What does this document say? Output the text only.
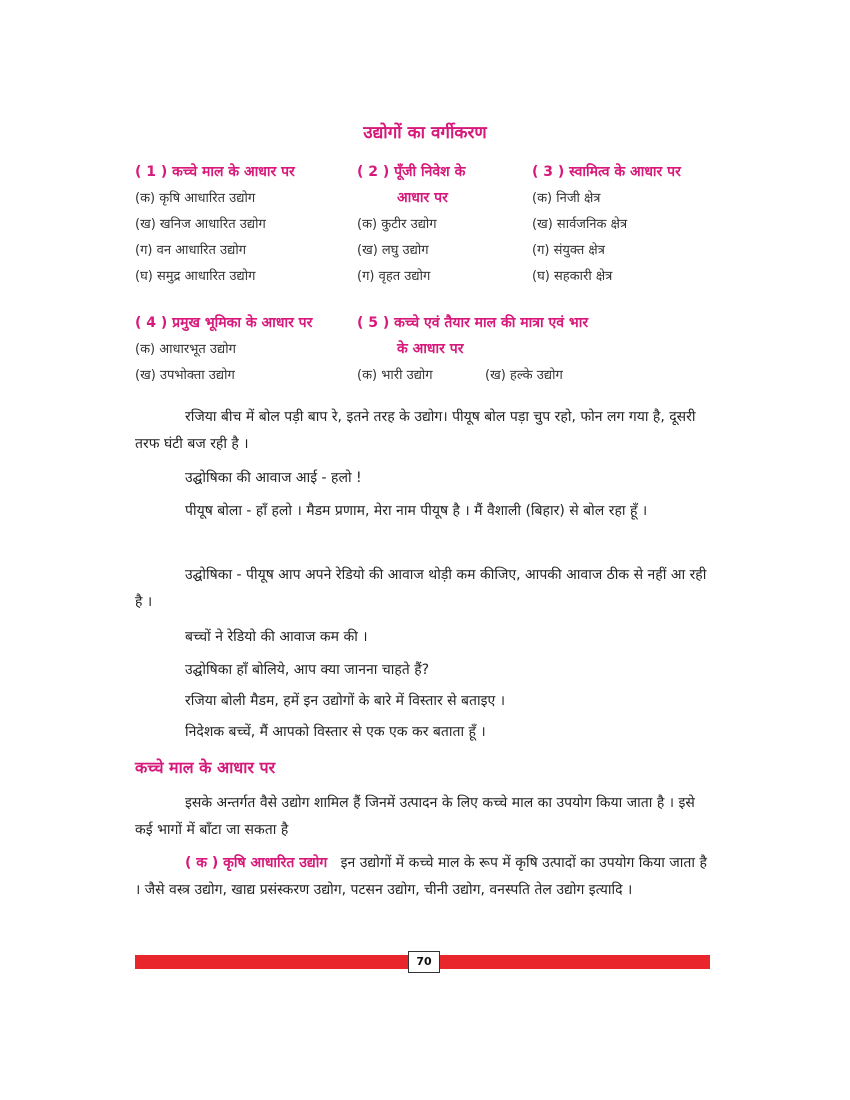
उद्योगों का वर्गीकरण
( 1 ) कच्चे माल के आधार पर
(क) कृषि आधारित उद्योग
(ख) खनिज आधारित उद्योग
(ग) वन आधारित उद्योग
(घ) समुद्र आधारित उद्योग
( 2 ) पूँजी निवेश के
आधार पर
(क) कुटीर उद्योग
(ख) लघु उद्योग
(ग) वृहत उद्योग
( 3 ) स्वामित्व के आधार पर
(क) निजी क्षेत्र
(ख) सार्वजनिक क्षेत्र
(ग) संयुक्त क्षेत्र
(घ) सहकारी क्षेत्र
( 4 ) प्रमुख भूमिका के आधार पर
(क) आधारभूत उद्योग
(ख) उपभोक्ता उद्योग
( 5 ) कच्चे एवं तैयार माल की मात्रा एवं भार
के आधार पर
(क) भारी उद्योग	(ख) हल्के उद्योग
रजिया बीच में बोल पड़ी बाप रे, इतने तरह के उद्योग। पीयूष बोल पड़ा चुप रहो, फोन लग गया है, दूसरी तरफ घंटी बज रही है ।
उद्घोषिका की आवाज आई - हलो !
पीयूष बोला - हाँ हलो । मैडम प्रणाम, मेरा नाम पीयूष है । मैं वैशाली (बिहार) से बोल रहा हूँ ।
उद्घोषिका - पीयूष आप अपने रेडियो की आवाज थोड़ी कम कीजिए, आपकी आवाज ठीक से नहीं आ रही है ।
बच्चों ने रेडियो की आवाज कम की ।
उद्घोषिका हाँ बोलिये, आप क्या जानना चाहते हैं?
रजिया बोली मैडम, हमें इन उद्योगों के बारे में विस्तार से बताइए ।
निदेशक बच्चें, मैं आपको विस्तार से एक एक कर बताता हूँ ।
कच्चे माल के आधार पर
इसके अन्तर्गत वैसे उद्योग शामिल हैं जिनमें उत्पादन के लिए कच्चे माल का उपयोग किया जाता है । इसे कई भागों में बाँटा जा सकता है
( क ) कृषि आधारित उद्योग इन उद्योगों में कच्चे माल के रूप में कृषि उत्पादों का उपयोग किया जाता है । जैसे वस्त्र उद्योग, खाद्य प्रसंस्करण उद्योग, पटसन उद्योग, चीनी उद्योग, वनस्पति तेल उद्योग इत्यादि ।
70
